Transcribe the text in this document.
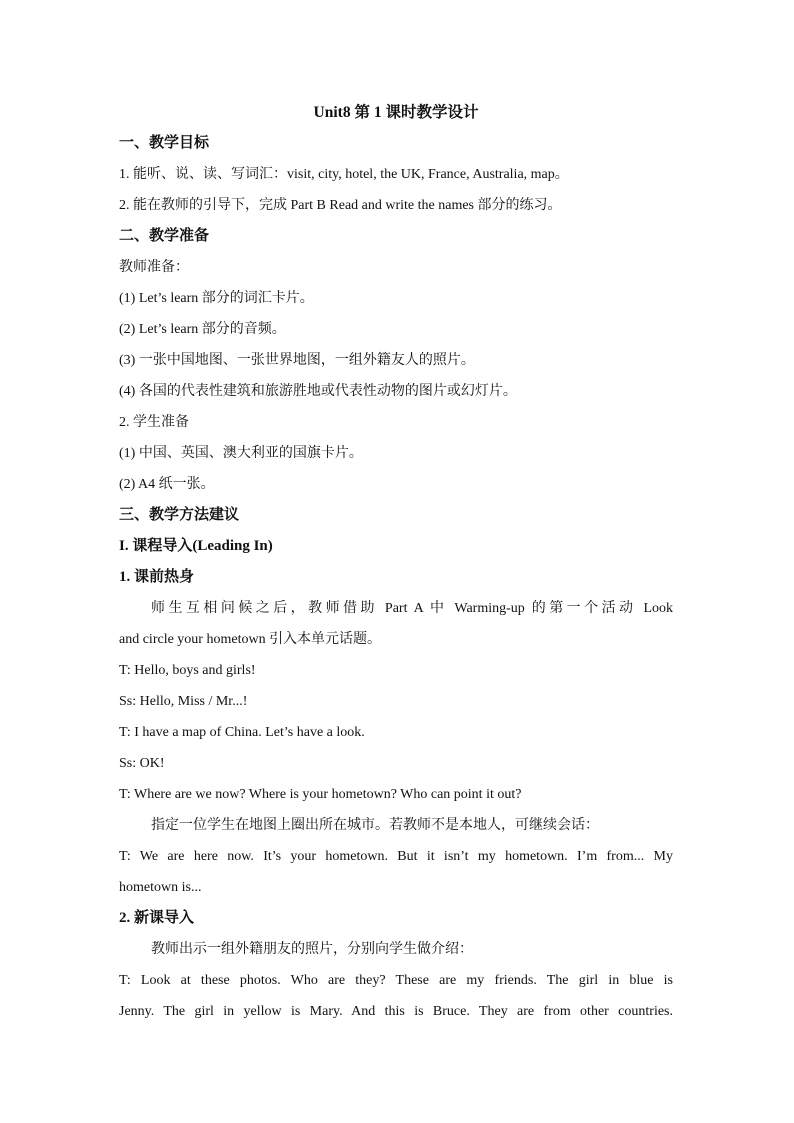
Unit8 第 1 课时教学设计
一、教学目标
1. 能听、说、读、写词汇：visit, city, hotel, the UK, France, Australia, map。
2. 能在教师的引导下，完成 Part B Read and write the names 部分的练习。
二、教学准备
教师准备：
(1) Let’s learn 部分的词汇卡片。
(2) Let’s learn 部分的音频。
(3) 一张中国地图、一张世界地图，一组外籍友人的照片。
(4) 各国的代表性建筑和旅游胜地或代表性动物的图片或幻灯片。
2. 学生准备
(1) 中国、英国、澳大利亚的国旗卡片。
(2) A4 纸一张。
三、教学方法建议
I. 课程导入(Leading In)
1. 课前热身
师生互相问候之后，教师借助 Part A 中 Warming-up 的第一个活动 Look
and circle your hometown 引入本单元话题。
T: Hello, boys and girls!
Ss: Hello, Miss / Mr...!
T: I have a map of China. Let’s have a look.
Ss: OK!
T: Where are we now? Where is your hometown? Who can point it out?
指定一位学生在地图上圈出所在城市。若教师不是本地人，可继续会话：
T: We are here now. It’s your hometown. But it isn’t my hometown. I’m from... My
hometown is...
2. 新课导入
教师出示一组外籍朋友的照片，分别向学生做介绍：
T: Look at these photos. Who are they? These are my friends. The girl in blue is
Jenny. The girl in yellow is Mary. And this is Bruce. They are from other countries.
